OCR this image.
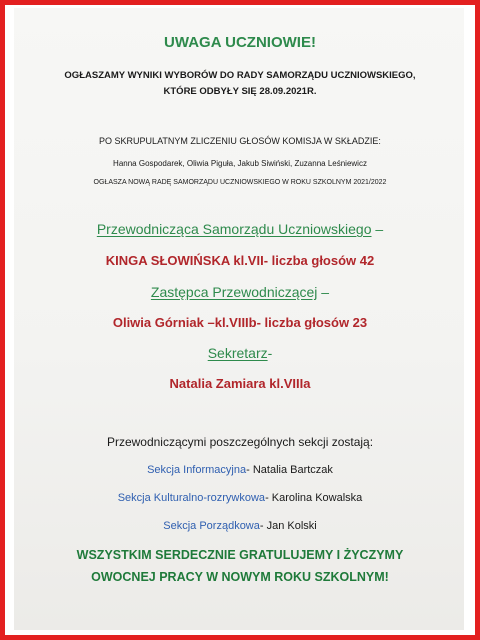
UWAGA UCZNIOWIE!
OGŁASZAMY WYNIKI WYBORÓW DO RADY SAMORZĄDU UCZNIOWSKIEGO,
KTÓRE ODBYŁY SIĘ 28.09.2021R.
PO SKRUPULATNYM ZLICZENIU GŁOSÓW KOMISJA W SKŁADZIE:
Hanna Gospodarek, Oliwia Piguła, Jakub Siwiński, Zuzanna Leśniewicz
OGŁASZA NOWĄ RADĘ SAMORZĄDU UCZNIOWSKIEGO W ROKU SZKOLNYM 2021/2022
Przewodnicząca Samorządu Uczniowskiego –
KINGA SŁOWIŃSKA kl.VII- liczba głosów 42
Zastępca Przewodniczącej –
Oliwia Górniak –kl.VIIIb- liczba głosów 23
Sekretarz-
Natalia Zamiara kl.VIIIa
Przewodniczącymi poszczególnych sekcji zostają:
Sekcja Informacyjna- Natalia Bartczak
Sekcja Kulturalno-rozrywkowa- Karolina Kowalska
Sekcja Porządkowa- Jan Kolski
WSZYSTKIM SERDECZNIE GRATULUJEMY I ŻYCZYMY
OWOCNEJ PRACY W NOWYM ROKU SZKOLNYM!
